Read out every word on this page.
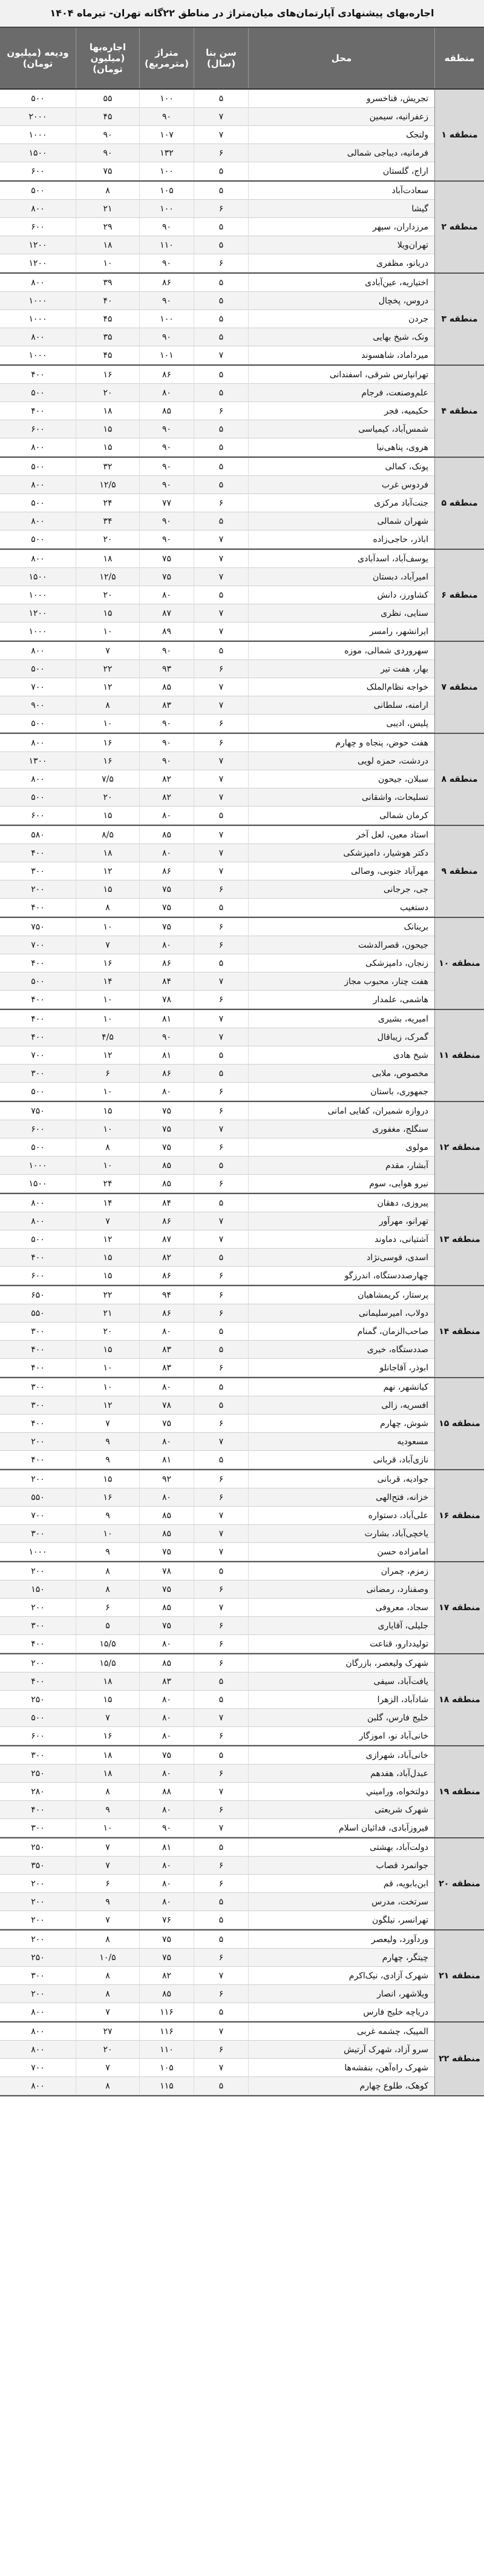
اجاره‌بهای پیشنهادی آپارتمان‌های میان‌متراژ در مناطق ۲۲گانه تهران- تیرماه ۱۴۰۴
منطقه
محل
سن بنا (سال)
متراژ (مترمربع)
اجاره‌بها (میلیون تومان)
ودیعه (میلیون تومان)
منطقه ۱
تجریش، فناخسرو
۵
۱۰۰
۵۵
۵۰۰
زعفرانیه، سیمین
۷
۹۰
۴۵
۲۰۰۰
ولنجک
۷
۱۰۷
۹۰
۱۰۰۰
فرمانیه، دیباجی شمالی
۶
۱۳۲
۹۰
۱۵۰۰
اراج، گلستان
۵
۱۰۰
۷۵
۶۰۰
منطقه ۲
سعادت‌آباد
۵
۱۰۵
۸
۵۰۰
گیشا
۶
۱۰۰
۲۱
۸۰۰
مرزداران، سپهر
۵
۹۰
۲۹
۶۰۰
تهران‌ویلا
۵
۱۱۰
۱۸
۱۲۰۰
دریانو، مظفری
۶
۹۰
۱۰
۱۲۰۰
منطقه ۳
اختیاریه، عین‌آبادی
۵
۸۶
۳۹
۸۰۰
دروس، پخچال
۵
۹۰
۴۰
۱۰۰۰
جردن
۵
۱۰۰
۴۵
۱۰۰۰
ونک، شیخ بهایی
۵
۹۰
۳۵
۸۰۰
میرداماد، شاهسوند
۷
۱۰۱
۴۵
۱۰۰۰
منطقه ۴
تهرانپارس شرقی، اسفندانی
۵
۸۶
۱۶
۴۰۰
علم‌وصنعت، فرجام
۵
۸۰
۲۰
۵۰۰
حکیمیه، فجر
۶
۸۵
۱۸
۴۰۰
شمس‌آباد، کیمیاسی
۵
۹۰
۱۵
۶۰۰
هروی، پناهی‌نیا
۵
۹۰
۱۵
۸۰۰
منطقه ۵
پونک، کمالی
۵
۹۰
۳۲
۵۰۰
فردوس غرب
۵
۹۰
۱۲/۵
۸۰۰
جنت‌آباد مرکزی
۶
۷۷
۲۴
۵۰۰
شهران شمالی
۵
۹۰
۳۴
۸۰۰
اباذر، حاجی‌زاده
۷
۹۰
۲۰
۵۰۰
منطقه ۶
یوسف‌آباد، اسدآبادی
۷
۷۵
۱۸
۸۰۰
امیرآباد، دبستان
۷
۷۵
۱۲/۵
۱۵۰۰
کشاورز، دانش
۵
۸۰
۲۰
۱۰۰۰
سنایی، نظری
۷
۸۷
۱۵
۱۲۰۰
ایرانشهر، رامسر
۷
۸۹
۱۰
۱۰۰۰
منطقه ۷
سهروردی شمالی، موزه
۵
۹۰
۷
۸۰۰
بهار، هفت تیر
۶
۹۳
۲۲
۵۰۰
خواجه نظام‌الملک
۷
۸۵
۱۲
۷۰۰
ارامنه، سلطانی
۷
۸۳
۸
۹۰۰
پلیس، ادیبی
۶
۹۰
۱۰
۵۰۰
منطقه ۸
هفت حوض، پنجاه و چهارم
۶
۹۰
۱۶
۸۰۰
دردشت، حمزه لویی
۷
۹۰
۱۶
۱۳۰۰
سبلان، جیحون
۷
۸۲
۷/۵
۸۰۰
تسلیحات، واشقانی
۷
۸۲
۲۰
۵۰۰
کرمان شمالی
۵
۸۰
۱۵
۶۰۰
منطقه ۹
استاد معین، لعل آخر
۷
۸۵
۸/۵
۵۸۰
دکتر هوشیار، دامپزشکی
۷
۸۰
۱۸
۴۰۰
مهرآباد جنوبی، وصالی
۷
۸۶
۱۲
۳۰۰
جی، جرجانی
۶
۷۵
۱۵
۲۰۰
دستغیب
۵
۷۵
۸
۴۰۰
منطقه ۱۰
برینانک
۶
۷۵
۱۰
۷۵۰
جیحون، قصرالدشت
۶
۸۰
۷
۷۰۰
زنجان، دامپزشکی
۵
۸۶
۱۶
۴۰۰
هفت چنار، محبوب مجاز
۷
۸۴
۱۴
۵۰۰
هاشمی، علمدار
۶
۷۸
۱۰
۴۰۰
منطقه ۱۱
امیریه، بشیری
۷
۸۱
۱۰
۴۰۰
گمرک، زیباقال
۷
۹۰
۴/۵
۴۰۰
شیخ هادی
۵
۸۱
۱۲
۷۰۰
مخصوص، ملابی
۵
۸۶
۶
۳۰۰
جمهوری، باستان
۶
۸۰
۱۰
۵۰۰
منطقه ۱۲
دروازه شمیران، کفایی امانی
۶
۷۵
۱۵
۷۵۰
سنگلج، مغفوری
۷
۷۵
۱۰
۶۰۰
مولوی
۶
۷۵
۸
۵۰۰
آبشار، مقدم
۵
۸۵
۱۰
۱۰۰۰
نیرو هوایی، سوم
۶
۸۵
۲۴
۱۵۰۰
منطقه ۱۳
پیروزی، دهقان
۵
۸۴
۱۴
۸۰۰
تهرانو، مهرآور
۷
۸۶
۷
۸۰۰
آشتیانی، دماوند
۷
۸۷
۱۲
۵۰۰
اسدی، قوسی‌نژاد
۵
۸۲
۱۵
۴۰۰
چهارصددستگاه، اندرزگو
۶
۸۶
۱۵
۶۰۰
منطقه ۱۴
پرستار، کریمشاهیان
۶
۹۴
۲۲
۶۵۰
دولاب، امیرسلیمانی
۶
۸۶
۲۱
۵۵۰
صاحب‌الزمان، گمنام
۵
۸۰
۲۰
۳۰۰
صددستگاه، خیری
۵
۸۳
۱۵
۴۰۰
ابوذر، آقاجانلو
۶
۸۳
۱۰
۴۰۰
منطقه ۱۵
کیانشهر، نهم
۵
۸۰
۱۰
۳۰۰
افسریه، زالی
۵
۷۸
۱۲
۳۰۰
شوش، چهارم
۶
۷۵
۷
۴۰۰
مسعودیه
۷
۸۰
۹
۲۰۰
نازی‌آباد، قربانی
۵
۸۱
۹
۴۰۰
منطقه ۱۶
جوادیه، قربانی
۶
۹۲
۱۵
۲۰۰
خزانه، فتح‌الهی
۶
۸۰
۱۶
۵۵۰
علی‌آباد، دستواره
۷
۸۵
۹
۷۰۰
یاخچی‌آباد، بشارت
۷
۸۵
۱۰
۳۰۰
امامزاده حسن
۷
۷۵
۹
۱۰۰۰
منطقه ۱۷
زمزم، چمران
۵
۷۸
۸
۲۰۰
وصفنارد، رمضانی
۶
۷۵
۸
۱۵۰
سجاد، معروفی
۷
۸۵
۶
۲۰۰
جلیلی، آقایاری
۶
۷۵
۵
۳۰۰
تولیددارو، قناعت
۶
۸۰
۱۵/۵
۴۰۰
منطقه ۱۸
شهرک ولیعصر، بازرگان
۶
۸۵
۱۵/۵
۲۰۰
یافت‌آباد، سیفی
۵
۸۳
۱۸
۴۰۰
شادآباد، الزهرا
۵
۸۰
۱۵
۲۵۰
خلیج فارس، گلبن
۷
۸۰
۷
۵۰۰
خانی‌آباد نو، اموزگار
۶
۸۰
۱۶
۶۰۰
منطقه ۱۹
خانی‌آباد، شهرازی
۵
۷۵
۱۸
۳۰۰
عبدل‌آباد، هفدهم
۶
۸۰
۱۸
۲۵۰
دولتخواه، وراميني
۷
۸۸
۸
۲۸۰
شهرک شریعتی
۶
۸۰
۹
۴۰۰
فیروزآبادی، فدائیان اسلام
۷
۹۰
۱۰
۳۰۰
منطقه ۲۰
دولت‌آباد، بهشتی
۵
۸۱
۷
۲۵۰
جوانمرد قصاب
۶
۸۰
۷
۳۵۰
ابن‌بابویه، قم
۶
۸۰
۶
۲۰۰
سرتخت، مدرس
۵
۸۰
۹
۲۰۰
تهرانسر، نیلگون
۵
۷۶
۷
۲۰۰
منطقه ۲۱
وردآورد، ولیعصر
۵
۷۵
۸
۲۰۰
چیتگر، چهارم
۶
۷۵
۱۰/۵
۲۵۰
شهرک آزادی، نیک‌اکرم
۷
۸۲
۸
۳۰۰
ویلاشهر، انصار
۶
۸۵
۸
۲۰۰
دریاچه خلیج فارس
۵
۱۱۶
۷
۸۰۰
منطقه ۲۲
المپیک، چشمه غربی
۷
۱۱۶
۲۷
۸۰۰
سرو آزاد، شهرک آرتیش
۶
۱۱۰
۲۰
۸۰۰
شهرک راه‌آهن، بنفشه‌ها
۷
۱۰۵
۷
۷۰۰
کوهک، طلوع چهارم
۵
۱۱۵
۸
۸۰۰
